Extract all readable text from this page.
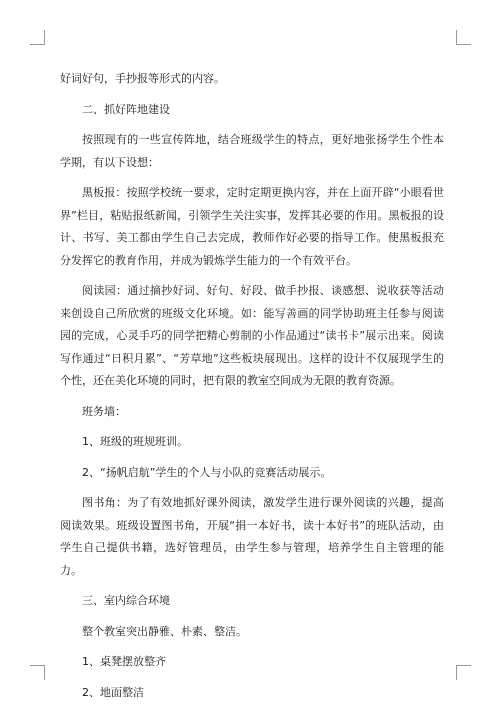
好词好句，手抄报等形式的内容。

二、抓好阵地建设

按照现有的一些宣传阵地，结合班级学生的特点，更好地张扬学生个性本学期，有以下设想：

黑板报：按照学校统一要求，定时定期更换内容，并在上面开辟“小眼看世界”栏目，粘贴报纸新闻，引领学生关注实事，发挥其必要的作用。黑板报的设计、书写、美工都由学生自己去完成，教师作好必要的指导工作。使黑板报充分发挥它的教育作用，并成为锻炼学生能力的一个有效平台。

阅读园：通过摘抄好词、好句、好段、做手抄报、谈感想、说收获等活动来创设自己所欣赏的班级文化环境。如：能写善画的同学协助班主任参与阅读园的完成，心灵手巧的同学把精心剪制的小作品通过“读书卡”展示出来。阅读写作通过“日积月累”、“芳草地”这些板块展现出。这样的设计不仅展现学生的个性，还在美化环境的同时，把有限的教室空间成为无限的教育资源。

班务墙：

1、班级的班规班训。

2、“扬帆启航”学生的个人与小队的竞赛活动展示。

图书角：为了有效地抓好课外阅读，激发学生进行课外阅读的兴趣，提高阅读效果。班级设置图书角，开展“捐一本好书，读十本好书”的班队活动，由学生自己提供书籍，选好管理员，由学生参与管理，培养学生自主管理的能力。

三、室内综合环境

整个教室突出静雅、朴素、整洁。

1、桌凳摆放整齐

2、地面整洁
